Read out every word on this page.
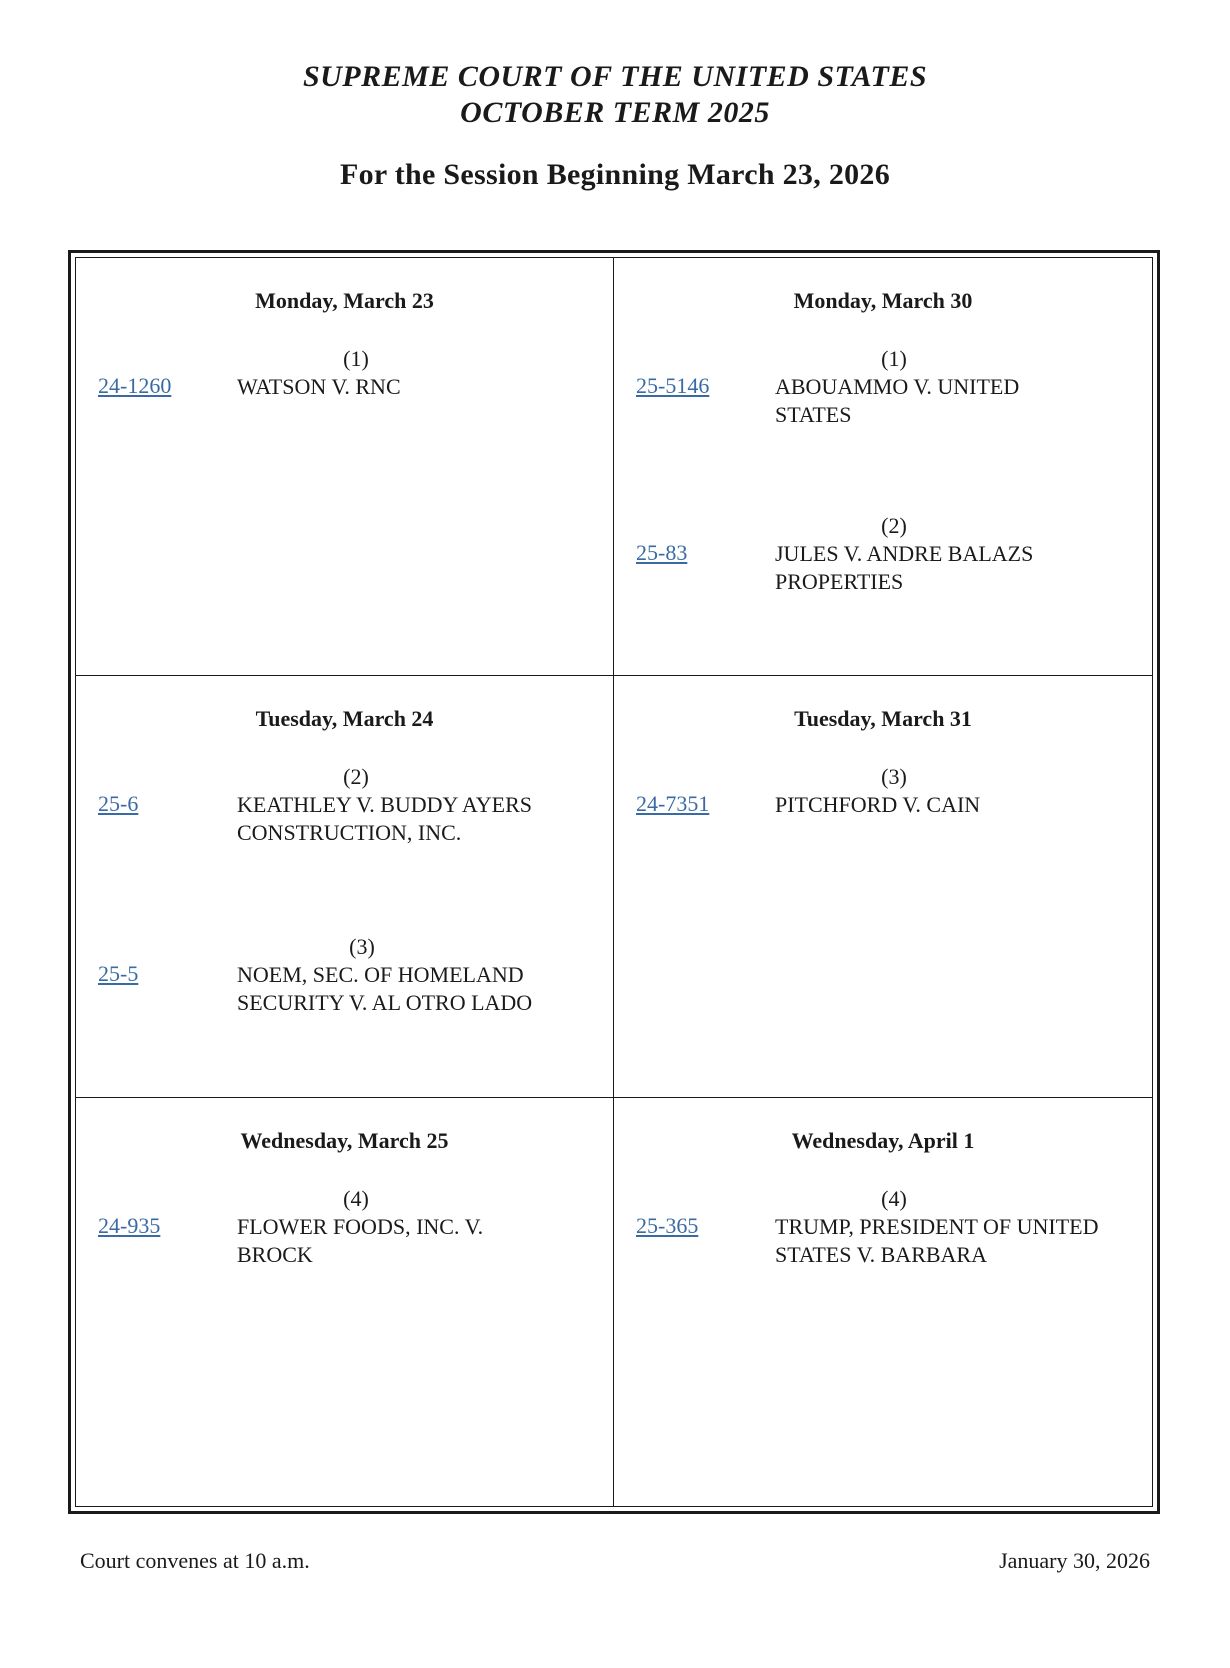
SUPREME COURT OF THE UNITED STATES
OCTOBER TERM 2025
For the Session Beginning March 23, 2026
Monday, March 23
(1)
24-1260	WATSON V. RNC
Monday, March 30
(1)
25-5146	ABOUAMMO V. UNITED STATES
(2)
25-83	JULES V. ANDRE BALAZS PROPERTIES
Tuesday, March 24
(2)
25-6	KEATHLEY V. BUDDY AYERS CONSTRUCTION, INC.
(3)
25-5	NOEM, SEC. OF HOMELAND SECURITY V. AL OTRO LADO
Tuesday, March 31
(3)
24-7351	PITCHFORD V. CAIN
Wednesday, March 25
(4)
24-935	FLOWER FOODS, INC. V. BROCK
Wednesday, April 1
(4)
25-365	TRUMP, PRESIDENT OF UNITED STATES V. BARBARA
Court convenes at 10 a.m.	January 30, 2026
